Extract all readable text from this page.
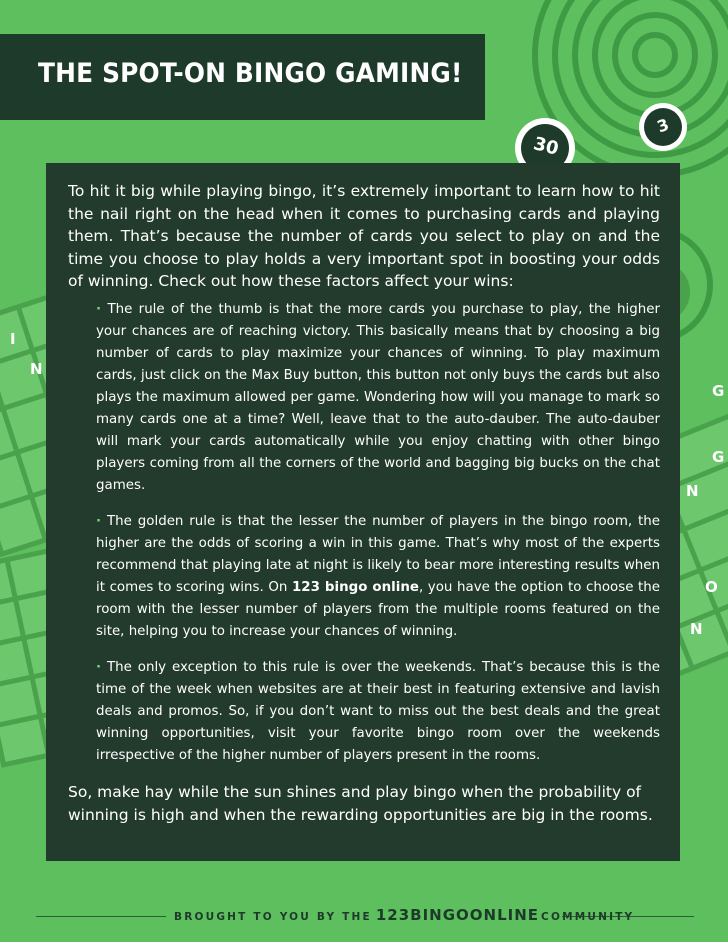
30
3
I
N
N
G
O
N
G
THE SPOT-ON BINGO GAMING!

To hit it big while playing bingo, it’s extremely important to learn how to hit the nail right on the head when it comes to purchasing cards and playing them. That’s because the number of cards you select to play on and the time you choose to play holds a very important spot in boosting your odds of winning. Check out how these factors affect your wins:

· The rule of the thumb is that the more cards you purchase to play, the higher your chances are of reaching victory. This basically means that by choosing a big number of cards to play maximize your chances of winning. To play maximum cards, just click on the Max Buy button, this button not only buys the cards but also plays the maximum allowed per game. Wondering how will you manage to mark so many cards one at a time? Well, leave that to the auto-dauber. The auto-dauber will mark your cards automatically while you enjoy chatting with other bingo players coming from all the corners of the world and bagging big bucks on the chat games.
· The golden rule is that the lesser the number of players in the bingo room, the higher are the odds of scoring a win in this game. That’s why most of the experts recommend that playing late at night is likely to bear more interesting results when it comes to scoring wins. On 123 bingo online, you have the option to choose the room with the lesser number of players from the multiple rooms featured on the site, helping you to increase your chances of winning.
· The only exception to this rule is over the weekends. That’s because this is the time of the week when websites are at their best in featuring extensive and lavish deals and promos. So, if you don’t want to miss out the best deals and the great winning opportunities, visit your favorite bingo room over the weekends irrespective of the higher number of players present in the rooms.

So, make hay while the sun shines and play bingo when the probability of winning is high and when the rewarding opportunities are big in the rooms.

BROUGHT TO YOU BY THE 123BINGOONLINE COMMUNITY
